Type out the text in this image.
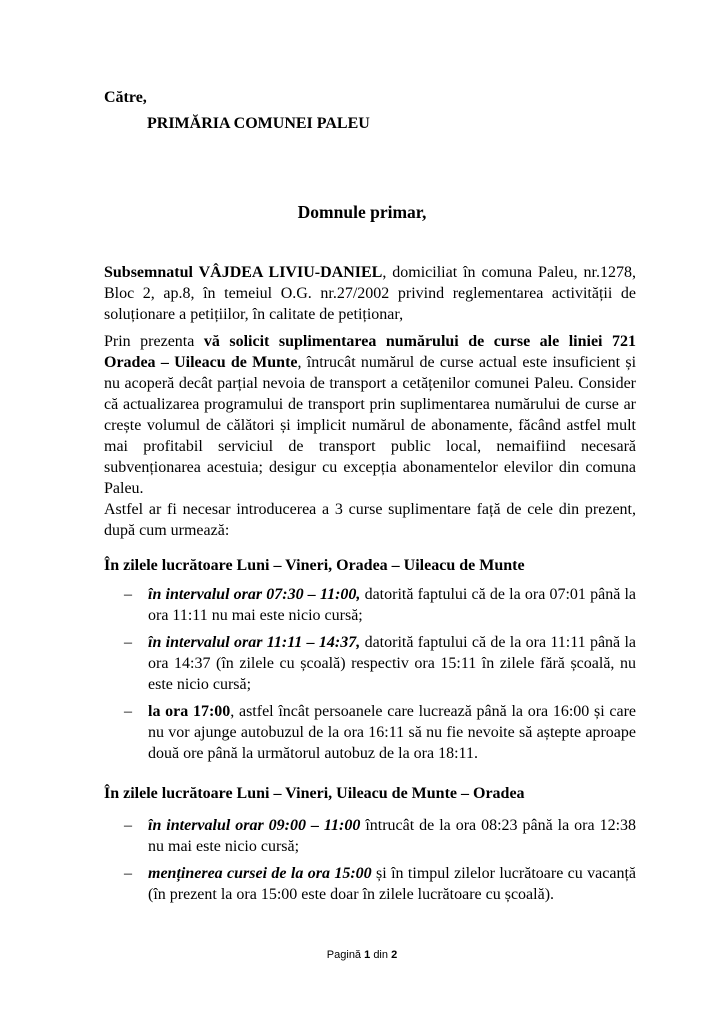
Către,
PRIMĂRIA COMUNEI PALEU
Domnule primar,

Subsemnatul VÂJDEA LIVIU-DANIEL, domiciliat în comuna Paleu, nr.1278, Bloc 2, ap.8, în temeiul O.G. nr.27/2002 privind reglementarea activității de soluționare a petițiilor, în calitate de petiționar,

Prin prezenta vă solicit suplimentarea numărului de curse ale liniei 721 Oradea – Uileacu de Munte, întrucât numărul de curse actual este insuficient și nu acoperă decât parțial nevoia de transport a cetățenilor comunei Paleu. Consider că actualizarea programului de transport prin suplimentarea numărului de curse ar crește volumul de călători și implicit numărul de abonamente, făcând astfel mult mai profitabil serviciul de transport public local, nemaifiind necesară subvenționarea acestuia; desigur cu excepția abonamentelor elevilor din comuna Paleu.

Astfel ar fi necesar introducerea a 3 curse suplimentare față de cele din prezent, după cum urmează:

În zilele lucrătoare Luni – Vineri, Oradea – Uileacu de Munte
– în intervalul orar 07:30 – 11:00, datorită faptului că de la ora 07:01 până la ora 11:11 nu mai este nicio cursă;
– în intervalul orar 11:11 – 14:37, datorită faptului că de la ora 11:11 până la ora 14:37 (în zilele cu școală) respectiv ora 15:11 în zilele fără școală, nu este nicio cursă;
– la ora 17:00, astfel încât persoanele care lucrează până la ora 16:00 și care nu vor ajunge autobuzul de la ora 16:11 să nu fie nevoite să aștepte aproape două ore până la următorul autobuz de la ora 18:11.
În zilele lucrătoare Luni – Vineri, Uileacu de Munte – Oradea
– în intervalul orar 09:00 – 11:00 întrucât de la ora 08:23 până la ora 12:38 nu mai este nicio cursă;
– menținerea cursei de la ora 15:00 și în timpul zilelor lucrătoare cu vacanță (în prezent la ora 15:00 este doar în zilele lucrătoare cu școală).
Pagină 1 din 2
